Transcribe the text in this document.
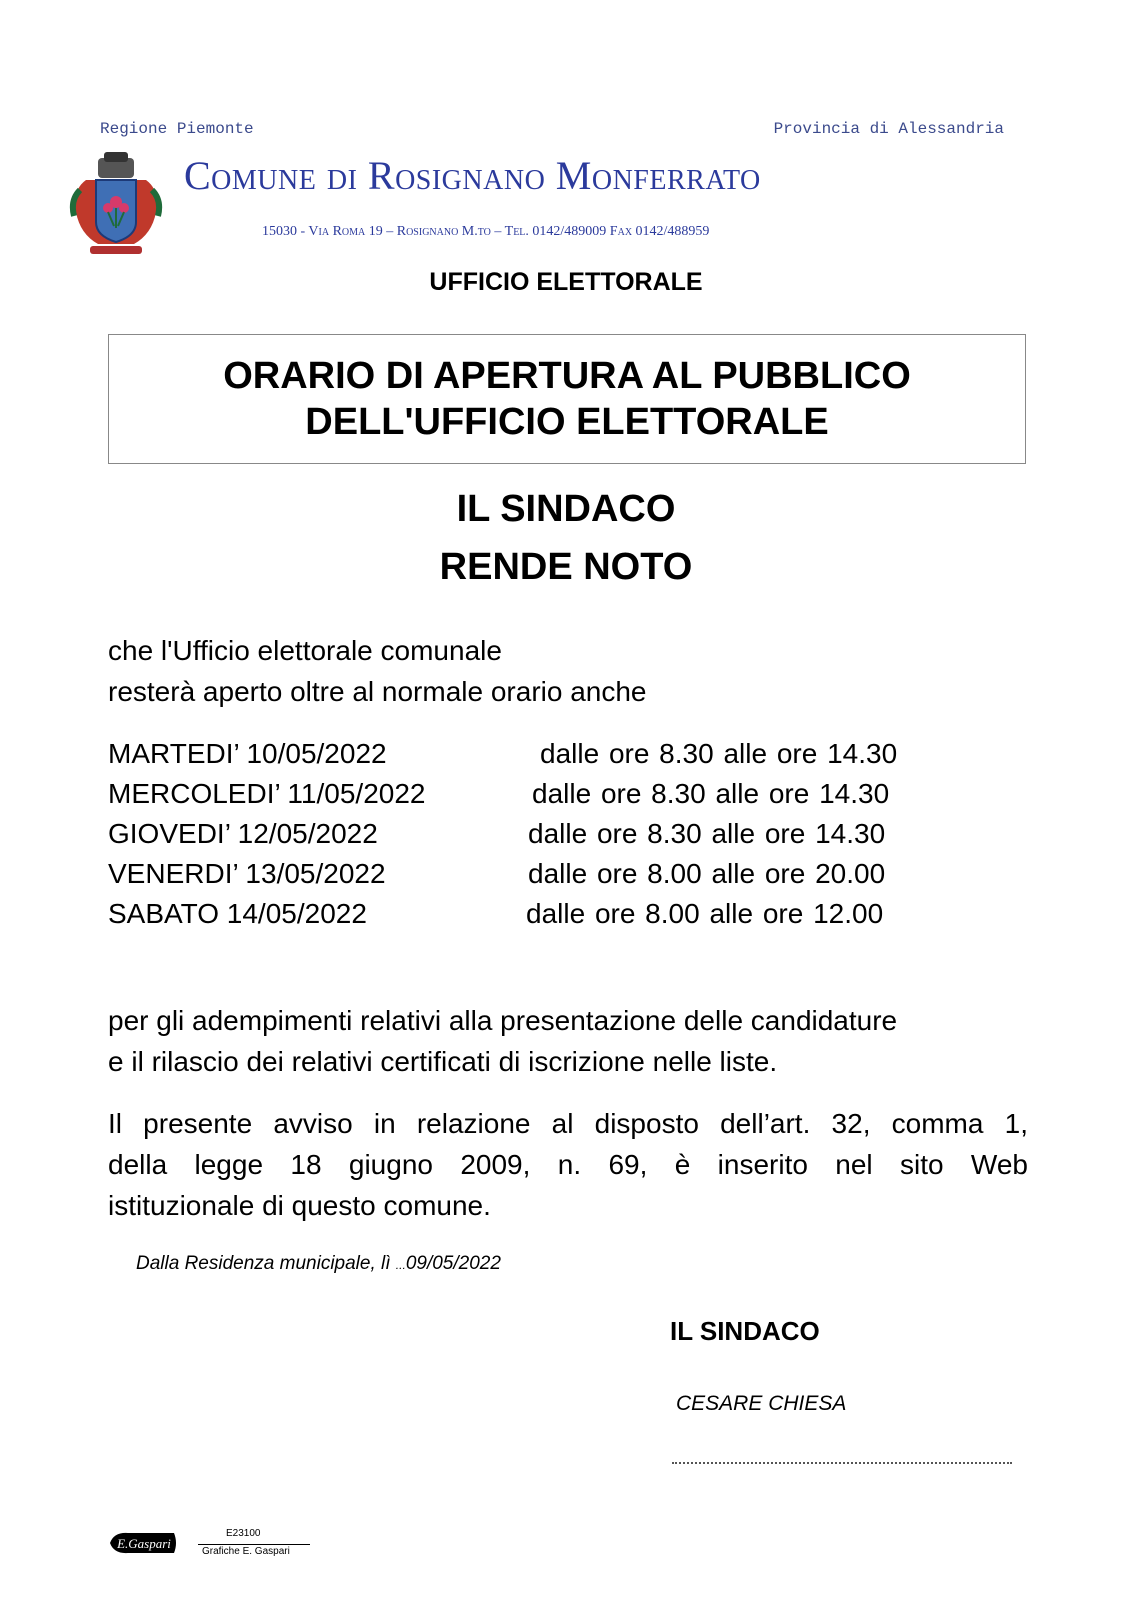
Regione Piemonte	Provincia di Alessandria
Comune di Rosignano Monferrato
15030 - Via Roma 19 – Rosignano M.to – Tel. 0142/489009 Fax 0142/488959
UFFICIO ELETTORALE
ORARIO DI APERTURA AL PUBBLICO
DELL'UFFICIO ELETTORALE
IL SINDACO
RENDE NOTO
che l'Ufficio elettorale comunale
resterà aperto oltre al normale orario anche
MARTEDI’ 10/05/2022	dalle ore 8.30 alle ore 14.30
MERCOLEDI’ 11/05/2022	dalle ore 8.30 alle ore 14.30
GIOVEDI’ 12/05/2022	dalle ore 8.30 alle ore 14.30
VENERDI’ 13/05/2022	dalle ore 8.00 alle ore 20.00
SABATO 14/05/2022	dalle ore 8.00 alle ore 12.00
per gli adempimenti relativi alla presentazione delle candidature
e il rilascio dei relativi certificati di iscrizione nelle liste.
Il presente avviso in relazione al disposto dell’art. 32, comma 1,
della legge 18 giugno 2009, n. 69, è inserito nel sito Web
istituzionale di questo comune.
Dalla Residenza municipale, lì ...09/05/2022
IL SINDACO
CESARE CHIESA
E.Gaspari
E23100
Grafiche E. Gaspari
